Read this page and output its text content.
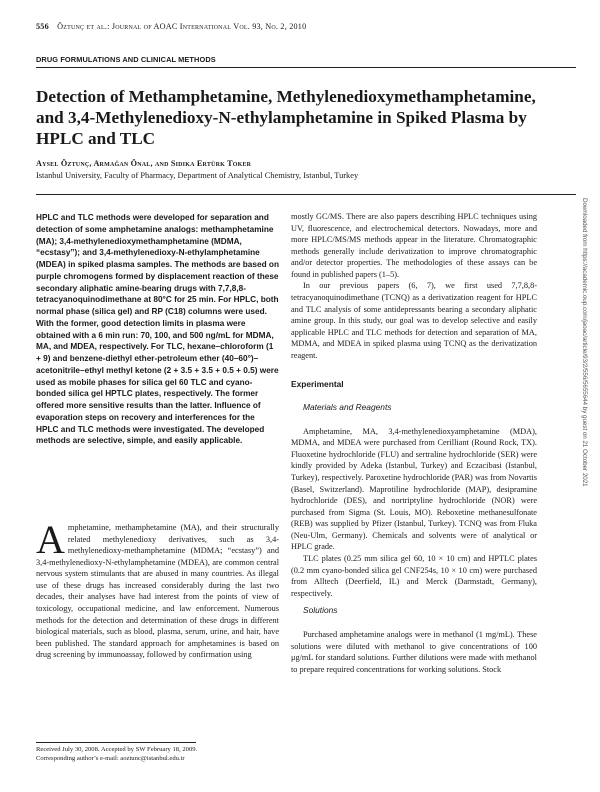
556 Öztunç et al.: Journal of AOAC International Vol. 93, No. 2, 2010
DRUG FORMULATIONS AND CLINICAL METHODS
Detection of Methamphetamine, Methylenedioxymethamphetamine, and 3,4-Methylenedioxy-N-ethylamphetamine in Spiked Plasma by HPLC and TLC
Aysel Öztunç, Armağan Önal, and Sıdıka Ertürk Toker
Istanbul University, Faculty of Pharmacy, Department of Analytical Chemistry, Istanbul, Turkey

HPLC and TLC methods were developed for separation and detection of some amphetamine analogs: methamphetamine (MA); 3,4-methylenedioxymethamphetamine (MDMA, “ecstasy”); and 3,4-methylenedioxy-N-ethylamphetamine (MDEA) in spiked plasma samples. The methods are based on purple chromogens formed by displacement reaction of these secondary aliphatic amine-bearing drugs with 7,7,8,8-tetracyanoquinodimethane at 80°C for 25 min. For HPLC, both normal phase (silica gel) and RP (C18) columns were used. With the former, good detection limits in plasma were obtained with a 6 min run: 70, 100, and 500 ng/mL for MDMA, MA, and MDEA, respectively. For TLC, hexane–chloroform (1 + 9) and benzene-diethyl ether-petroleum ether (40–60°)–acetonitrile–ethyl methyl ketone (2 + 3.5 + 3.5 + 0.5 + 0.5) were used as mobile phases for silica gel 60 TLC and cyano-bonded silica gel HPTLC plates, respectively. The former offered more sensitive results than the latter. Influence of evaporation steps on recovery and interferences for the HPLC and TLC methods were investigated. The developed methods are selective, simple, and easily applicable.

Amphetamine, methamphetamine (MA), and their structurally related methylenedioxy derivatives, such as 3,4-methylenedioxy-methamphetamine (MDMA; “ecstasy”) and 3,4-methylenedioxy-N-ethylamphetamine (MDEA), are common central nervous system stimulants that are abused in many countries. As illegal use of these drugs has increased considerably during the last two decades, their analyses have had interest from the points of view of toxicology, occupational medicine, and law enforcement. Numerous methods for the detection and determination of these drugs in different biological materials, such as blood, plasma, serum, urine, and hair, have been published. The standard approach for amphetamines is based on drug screening by immunoassay, followed by confirmation using

Received July 30, 2008. Accepted by SW February 18, 2009.
Corresponding author’s e-mail: aoztunc@istanbul.edu.tr

mostly GC/MS. There are also papers describing HPLC techniques using UV, fluorescence, and electrochemical detectors. Nowadays, more and more HPLC/MS/MS methods appear in the literature. Chromatographic methods generally include derivatization to improve chromatographic and/or detector properties. The methodologies of these assays can be found in published papers (1–5).

In our previous papers (6, 7), we first used 7,7,8,8-tetracyanoquinodimethane (TCNQ) as a derivatization reagent for HPLC and TLC analysis of some antidepressants bearing a secondary aliphatic amine group. In this study, our goal was to develop selective and easily applicable HPLC and TLC methods for detection and separation of MA, MDMA, and MDEA in spiked plasma using TCNQ as the derivatization reagent.

Experimental

Materials and Reagents

Amphetamine, MA, 3,4-methylenedioxyamphetamine (MDA), MDMA, and MDEA were purchased from Cerilliant (Round Rock, TX). Fluoxetine hydrochloride (FLU) and sertraline hydrochloride (SER) were kindly provided by Adeka (Istanbul, Turkey) and Eczacibasi (Istanbul, Turkey), respectively. Paroxetine hydrochloride (PAR) was from Novartis (Basel, Switzerland). Maprotiline hydrochloride (MAP), desipramine hydrochloride (DES), and nortriptyline hydrochloride (NOR) were purchased from Sigma (St. Louis, MO). Reboxetine methanesulfonate (REB) was supplied by Pfizer (Istanbul, Turkey). TCNQ was from Fluka (Neu-Ulm, Germany). Chemicals and solvents were of analytical or HPLC grade.

TLC plates (0.25 mm silica gel 60, 10 × 10 cm) and HPTLC plates (0.2 mm cyano-bonded silica gel CNF254s, 10 × 10 cm) were purchased from Alltech (Deerfield, IL) and Merck (Darmstadt, Germany), respectively.

Solutions

Purchased amphetamine analogs were in methanol (1 mg/mL). These solutions were diluted with methanol to give concentrations of 100 μg/mL for standard solutions. Further dilutions were made with methanol to prepare required concentrations for working solutions. Stock

Downloaded from https://academic.oup.com/jaoac/article/93/2/556/5655644 by guest on 21 October 2021
